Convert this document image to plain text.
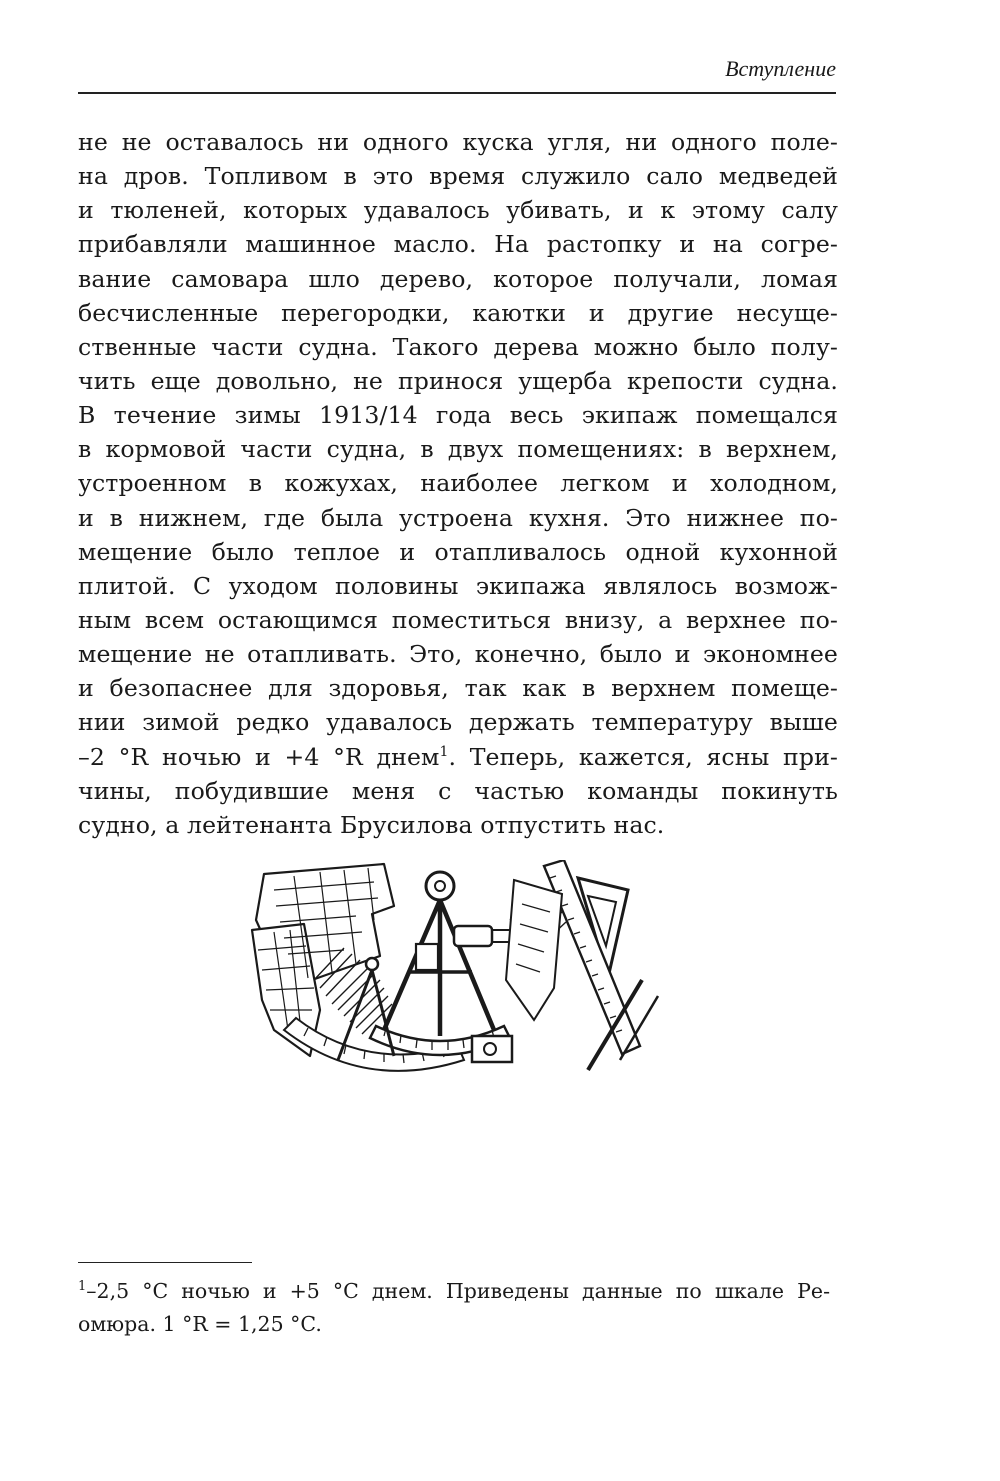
Вступление
не не оставалось ни одного куска угля, ни одного поле-
на дров. Топливом в это время служило сало медведей
и тюленей, которых удавалось убивать, и к этому салу
прибавляли машинное масло. На растопку и на согре-
вание самовара шло дерево, которое получали, ломая
бесчисленные перегородки, каютки и другие несуще-
ственные части судна. Такого дерева можно было полу-
чить еще довольно, не принося ущерба крепости судна.
В течение зимы 1913/14 года весь экипаж помещался
в кормовой части судна, в двух помещениях: в верхнем,
устроенном в кожухах, наиболее легком и холодном,
и в нижнем, где была устроена кухня. Это нижнее по-
мещение было теплое и отапливалось одной кухонной
плитой. С уходом половины экипажа являлось возмож-
ным всем остающимся поместиться внизу, а верхнее по-
мещение не отапливать. Это, конечно, было и экономнее
и безопаснее для здоровья, так как в верхнем помеще-
нии зимой редко удавалось держать температуру выше
–2 °R ночью и +4 °R днем$^1$. Теперь, кажется, ясны при-
чины, побудившие меня с частью команды покинуть
судно, а лейтенанта Брусилова отпустить нас.
$^1$–2,5 °C ночью и +5 °C днем. Приведены данные по шкале Ре-
омюра. 1 °R = 1,25 °C.
